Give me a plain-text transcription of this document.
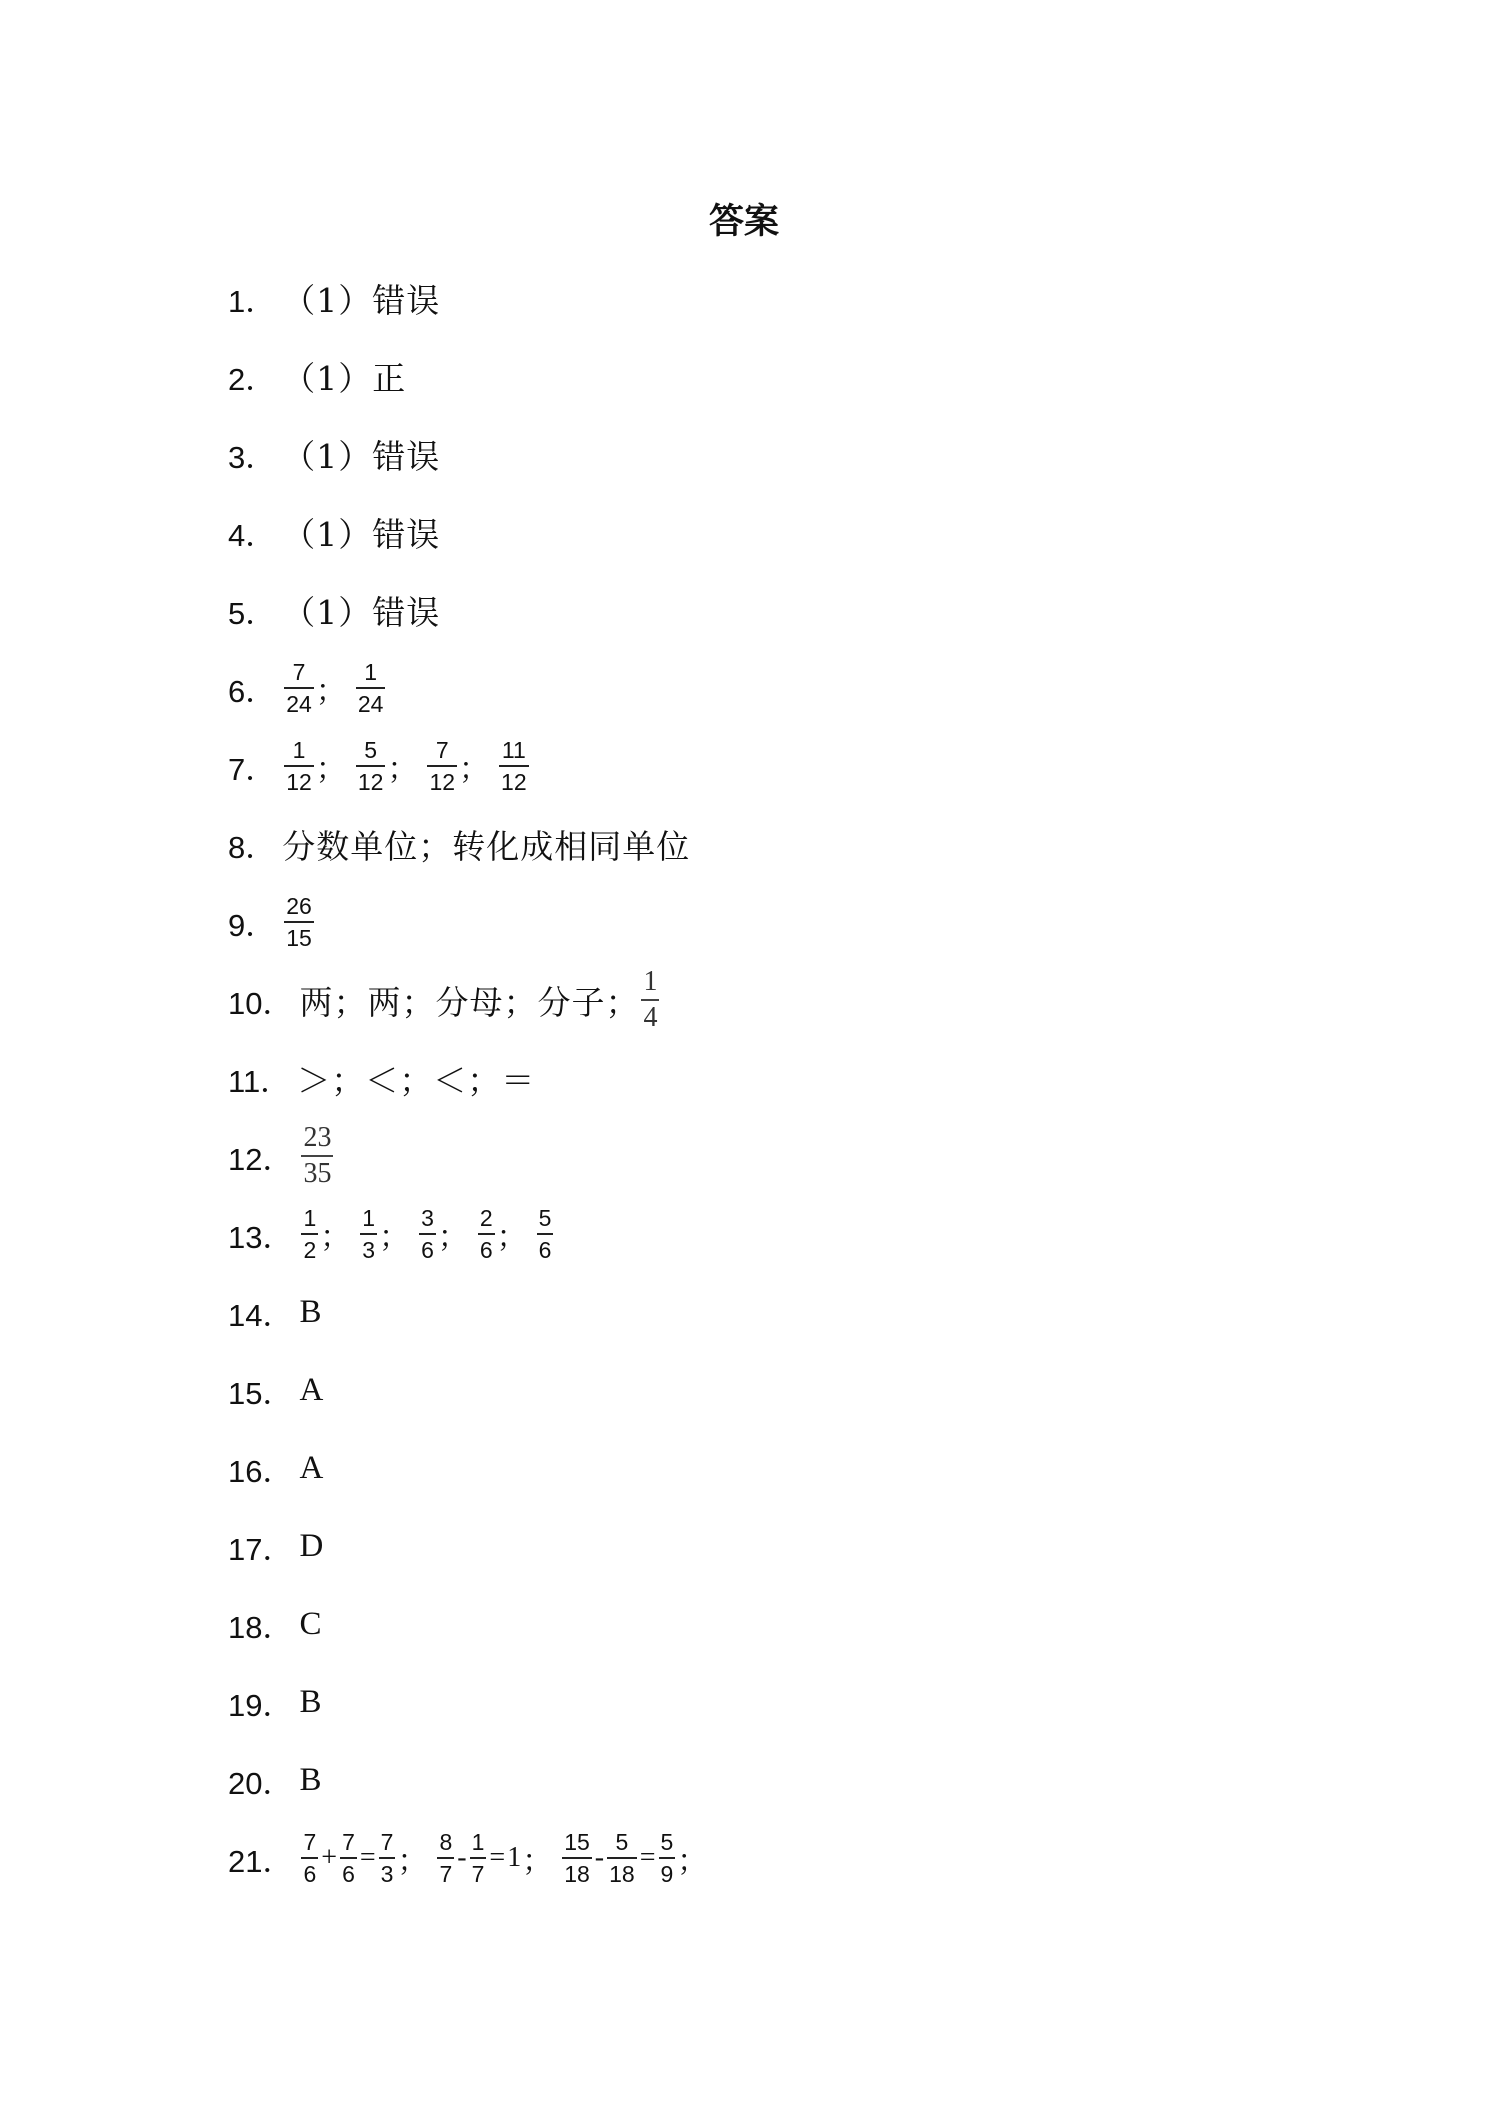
答案
1． （1）错误
2． （1）正
3． （1）错误
4． （1）错误
5． （1）错误
6． $\frac{7}{24}$ ； $\frac{1}{24}$
7． $\frac{1}{12}$ ； $\frac{5}{12}$ ； $\frac{7}{12}$ ； $\frac{11}{12}$
8． 分数单位；转化成相同单位
9． $\frac{26}{15}$
10． 两；两；分母；分子； $\frac{1}{4}$
11． ＞；＜；＜；＝
12． $\frac{23}{35}$
13． $\frac{1}{2}$ ； $\frac{1}{3}$ ； $\frac{3}{6}$ ； $\frac{2}{6}$ ； $\frac{5}{6}$
14． B
15． A
16． A
17． D
18． C
19． B
20． B
21． $\frac{7}{6} + \frac{7}{6} = \frac{7}{3}$ ； $\frac{8}{7} - \frac{1}{7} = 1$ ； $\frac{15}{18} - \frac{5}{18} = \frac{5}{9}$ ；
